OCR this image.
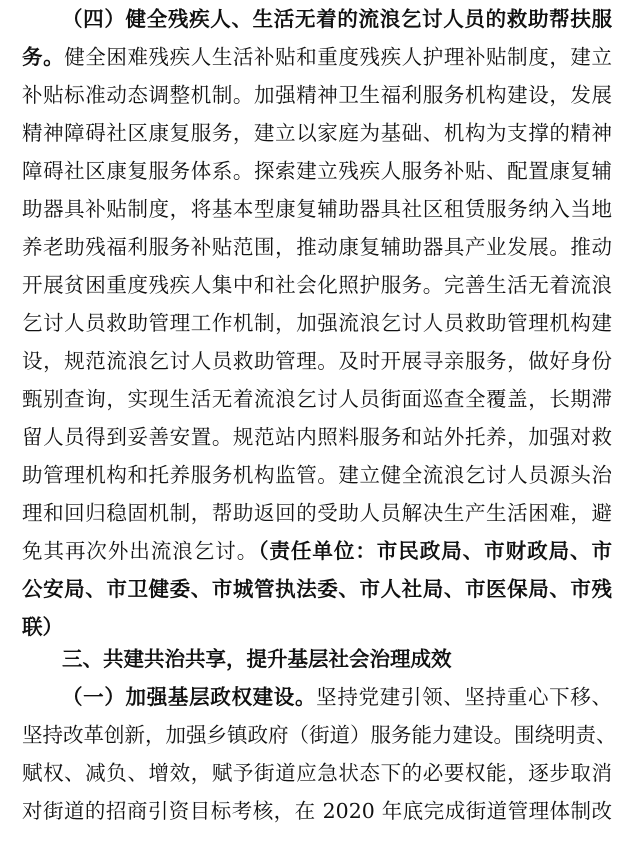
（四）健全残疾人、生活无着的流浪乞讨人员的救助帮扶服
务。健全困难残疾人生活补贴和重度残疾人护理补贴制度，建立
补贴标准动态调整机制。加强精神卫生福利服务机构建设，发展
精神障碍社区康复服务，建立以家庭为基础、机构为支撑的精神
障碍社区康复服务体系。探索建立残疾人服务补贴、配置康复辅
助器具补贴制度，将基本型康复辅助器具社区租赁服务纳入当地
养老助残福利服务补贴范围，推动康复辅助器具产业发展。推动
开展贫困重度残疾人集中和社会化照护服务。完善生活无着流浪
乞讨人员救助管理工作机制，加强流浪乞讨人员救助管理机构建
设，规范流浪乞讨人员救助管理。及时开展寻亲服务，做好身份
甄别查询，实现生活无着流浪乞讨人员街面巡查全覆盖，长期滞
留人员得到妥善安置。规范站内照料服务和站外托养，加强对救
助管理机构和托养服务机构监管。建立健全流浪乞讨人员源头治
理和回归稳固机制，帮助返回的受助人员解决生产生活困难，避
免其再次外出流浪乞讨。（责任单位：市民政局、市财政局、市
公安局、市卫健委、市城管执法委、市人社局、市医保局、市残
联）
三、共建共治共享，提升基层社会治理成效
（一）加强基层政权建设。坚持党建引领、坚持重心下移、
坚持改革创新，加强乡镇政府（街道）服务能力建设。围绕明责、
赋权、减负、增效，赋予街道应急状态下的必要权能，逐步取消
对街道的招商引资目标考核，在 2020 年底完成街道管理体制改
